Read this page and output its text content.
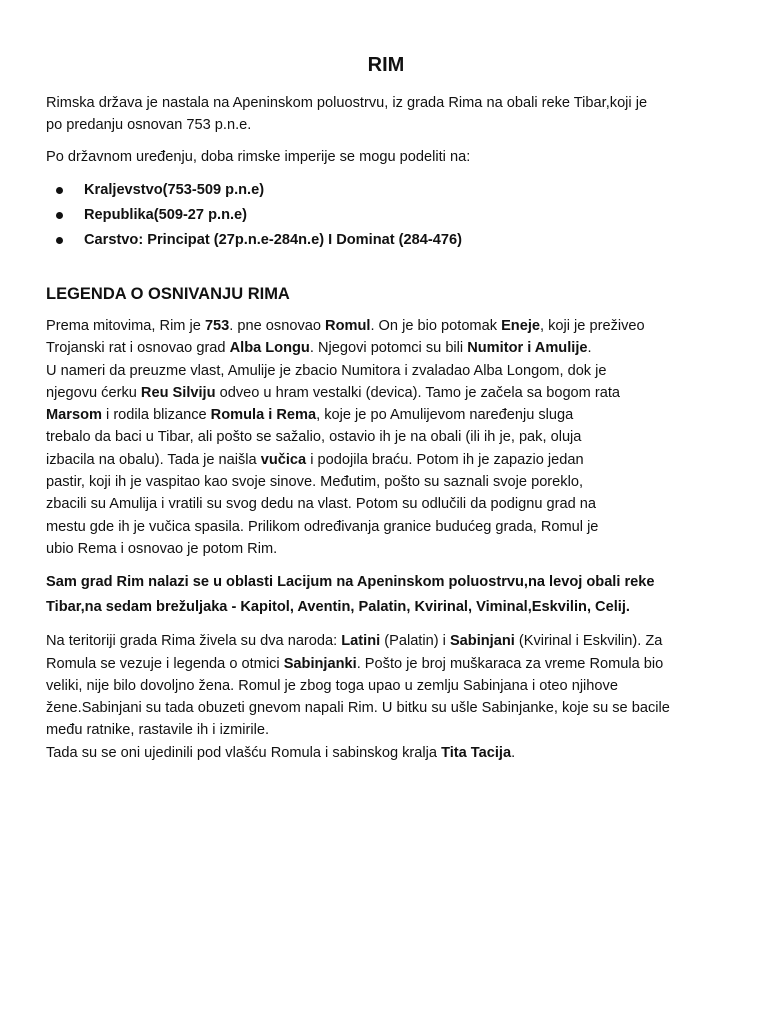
RIM

Rimska država je nastala na Apeninskom poluostrvu, iz grada Rima na obali reke Tibar,koji je
po predanju osnovan 753 p.n.e.

Po državnom uređenju, doba rimske imperije se mogu podeliti na:

Kraljevstvo(753-509 p.n.e)
Republika(509-27 p.n.e)
Carstvo: Principat (27p.n.e-284n.e) I Dominat (284-476)
LEGENDA O OSNIVANJU RIMA

Prema mitovima, Rim je 753. pne osnovao Romul. On je bio potomak Eneje, koji je preživeo
Trojanski rat i osnovao grad Alba Longu. Njegovi potomci su bili Numitor i Amulije.
U nameri da preuzme vlast, Amulije je zbacio Numitora i zvaladao Alba Longom, dok je
njegovu ćerku Reu Silviju odveo u hram vestalki (devica). Tamo je začela sa bogom rata
Marsom i rodila blizance Romula i Rema, koje je po Amulijevom naređenju sluga
trebalo da baci u Tibar, ali pošto se sažalio, ostavio ih je na obali (ili ih je, pak, oluja
izbacila na obalu). Tada je naišla vučica i podojila braću. Potom ih je zapazio jedan
pastir, koji ih je vaspitao kao svoje sinove. Međutim, pošto su saznali svoje poreklo,
zbacili su Amulija i vratili su svog dedu na vlast. Potom su odlučili da podignu grad na
mestu gde ih je vučica spasila. Prilikom određivanja granice budućeg grada, Romul je
ubio Rema i osnovao je potom Rim.

Sam grad Rim nalazi se u oblasti Lacijum na Apeninskom poluostrvu,na levoj obali reke
Tibar,na sedam brežuljaka - Kapitol, Aventin, Palatin, Kvirinal, Viminal,Eskvilin, Celij.

Na teritoriji grada Rima živela su dva naroda: Latini (Palatin) i Sabinjani (Kvirinal i Eskvilin). Za
Romula se vezuje i legenda o otmici Sabinjanki. Pošto je broj muškaraca za vreme Romula bio
veliki, nije bilo dovoljno žena. Romul je zbog toga upao u zemlju Sabinjana i oteo njihove
žene.Sabinjani su tada obuzeti gnevom napali Rim. U bitku su ušle Sabinjanke, koje su se bacile
među ratnike, rastavile ih i izmirile.
Tada su se oni ujedinili pod vlašću Romula i sabinskog kralja Tita Tacija.
